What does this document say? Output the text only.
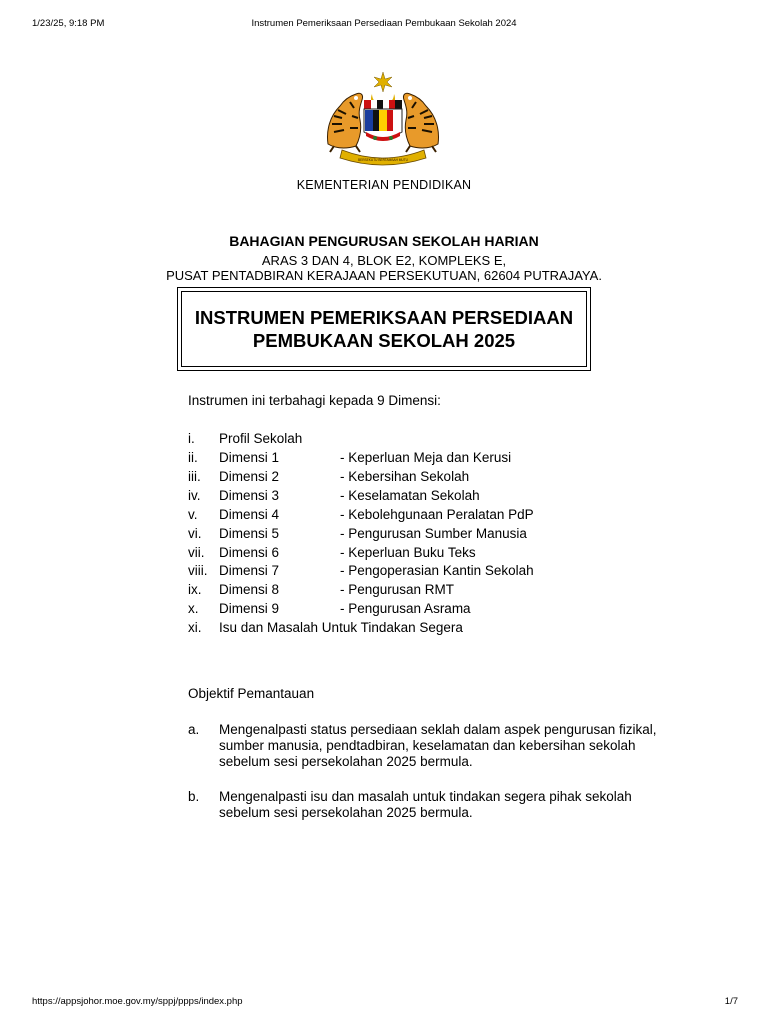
1/23/25, 9:18 PM	Instrumen Pemeriksaan Persediaan Pembukaan Sekolah 2024
BERSEKUTU BERTAMBAH MUTU
KEMENTERIAN PENDIDIKAN
BAHAGIAN PENGURUSAN SEKOLAH HARIAN
ARAS 3 DAN 4, BLOK E2, KOMPLEKS E,
PUSAT PENTADBIRAN KERAJAAN PERSEKUTUAN, 62604 PUTRAJAYA.
INSTRUMEN PEMERIKSAAN PERSEDIAAN
PEMBUKAAN SEKOLAH 2025
Instrumen ini terbahagi kepada 9 Dimensi:
i. Profil Sekolah
ii. Dimensi 1	- Keperluan Meja dan Kerusi
iii. Dimensi 2	- Kebersihan Sekolah
iv. Dimensi 3	- Keselamatan Sekolah
v. Dimensi 4	- Kebolehgunaan Peralatan PdP
vi. Dimensi 5	- Pengurusan Sumber Manusia
vii. Dimensi 6	- Keperluan Buku Teks
viii. Dimensi 7	- Pengoperasian Kantin Sekolah
ix. Dimensi 8	- Pengurusan RMT
x. Dimensi 9	- Pengurusan Asrama
xi. Isu dan Masalah Untuk Tindakan Segera
Objektif Pemantauan
a. Mengenalpasti status persediaan seklah dalam aspek pengurusan fizikal, sumber manusia, pendtadbiran, keselamatan dan kebersihan sekolah sebelum sesi persekolahan 2025 bermula.
b. Mengenalpasti isu dan masalah untuk tindakan segera pihak sekolah sebelum sesi persekolahan 2025 bermula.
https://appsjohor.moe.gov.my/sppj/ppps/index.php	1/7
